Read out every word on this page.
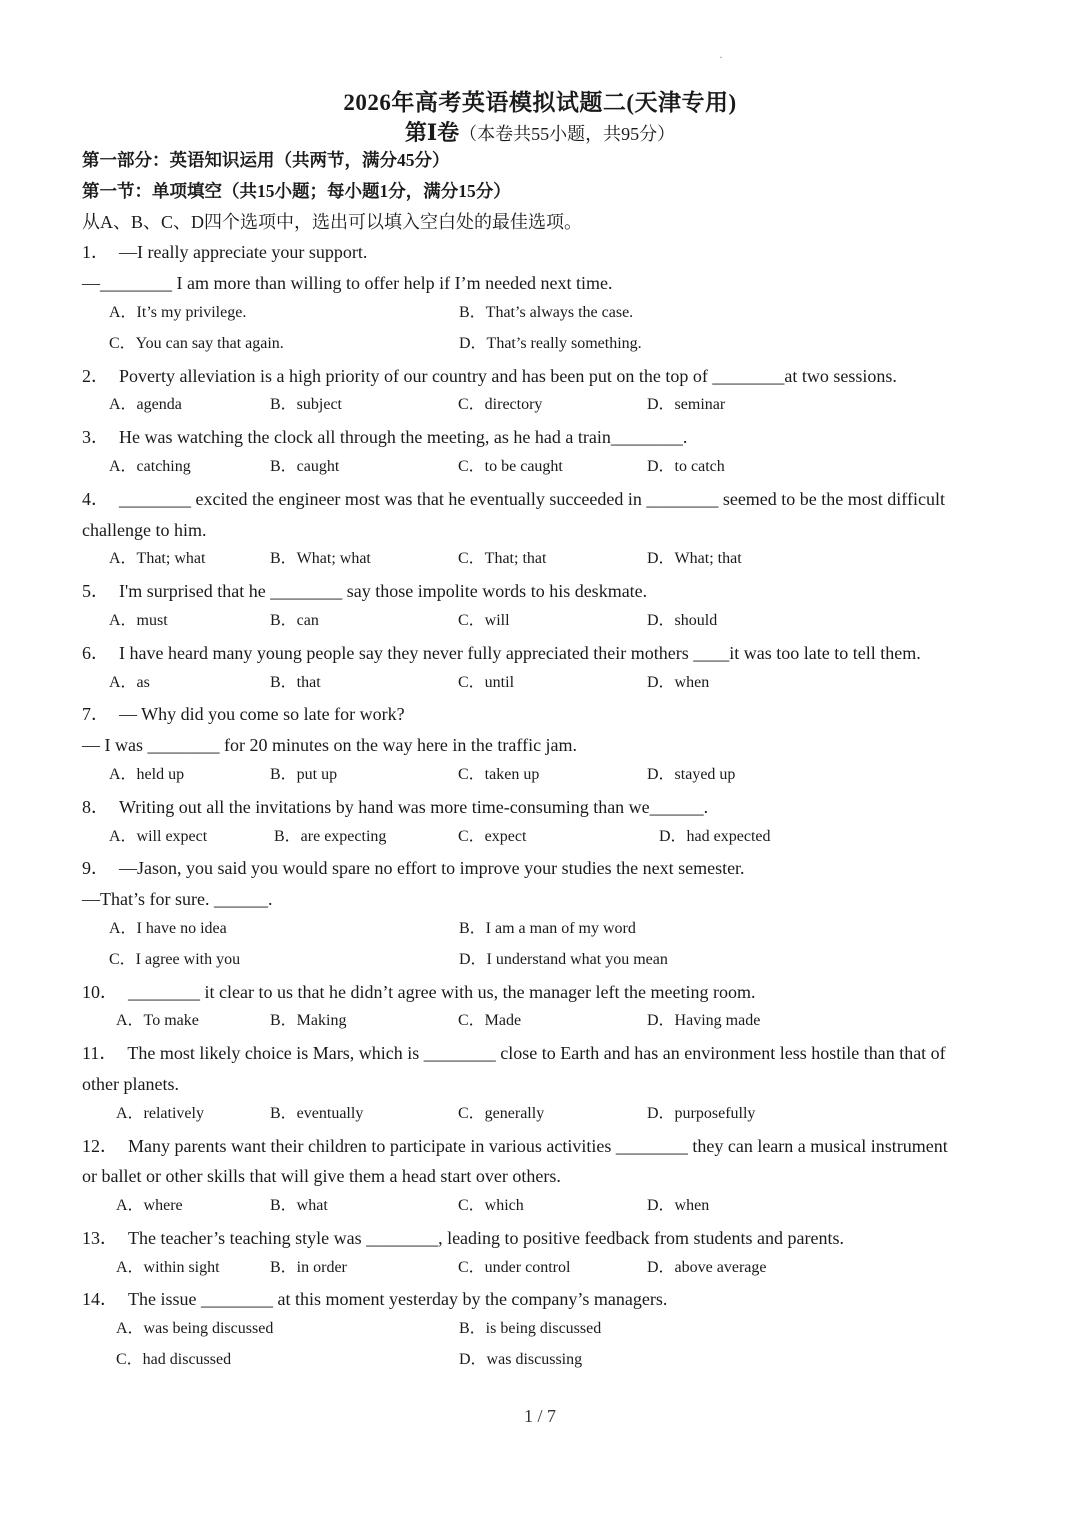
·
2026年高考英语模拟试题二(天津专用)
第Ⅰ卷（本卷共55小题，共95分）
第一部分：英语知识运用（共两节，满分45分）
第一节：单项填空（共15小题；每小题1分，满分15分）
从A、B、C、D四个选项中，选出可以填入空白处的最佳选项。
1． —I really appreciate your support.
—________ I am more than willing to offer help if I’m needed next time.
A．It’s my privilege.	B．That’s always the case.
C．You can say that again.	D．That’s really something.
2． Poverty alleviation is a high priority of our country and has been put on the top of ________at two sessions.
A．agenda	B．subject	C．directory	D．seminar
3． He was watching the clock all through the meeting, as he had a train________.
A．catching	B．caught	C．to be caught	D．to catch
4． ________ excited the engineer most was that he eventually succeeded in ________ seemed to be the most difficult
challenge to him.
A．That; what	B．What; what	C．That; that	D．What; that
5． I'm surprised that he ________ say those impolite words to his deskmate.
A．must	B．can	C．will	D．should
6． I have heard many young people say they never fully appreciated their mothers ____it was too late to tell them.
A．as	B．that	C．until	D．when
7． — Why did you come so late for work?
— I was ________ for 20 minutes on the way here in the traffic jam.
A．held up	B．put up	C．taken up	D．stayed up
8． Writing out all the invitations by hand was more time-consuming than we______.
A．will expect	B．are expecting	C．expect	D．had expected
9． —Jason, you said you would spare no effort to improve your studies the next semester.
—That’s for sure. ______.
A．I have no idea	B．I am a man of my word
C．I agree with you	D．I understand what you mean
10． ________ it clear to us that he didn’t agree with us, the manager left the meeting room.
A．To make	B．Making	C．Made	D．Having made
11． The most likely choice is Mars, which is ________ close to Earth and has an environment less hostile than that of
other planets.
A．relatively	B．eventually	C．generally	D．purposefully
12． Many parents want their children to participate in various activities ________ they can learn a musical instrument
or ballet or other skills that will give them a head start over others.
A．where	B．what	C．which	D．when
13． The teacher’s teaching style was ________, leading to positive feedback from students and parents.
A．within sight	B．in order	C．under control	D．above average
14． The issue ________ at this moment yesterday by the company’s managers.
A．was being discussed	B．is being discussed
C．had discussed	D．was discussing
1 / 7
